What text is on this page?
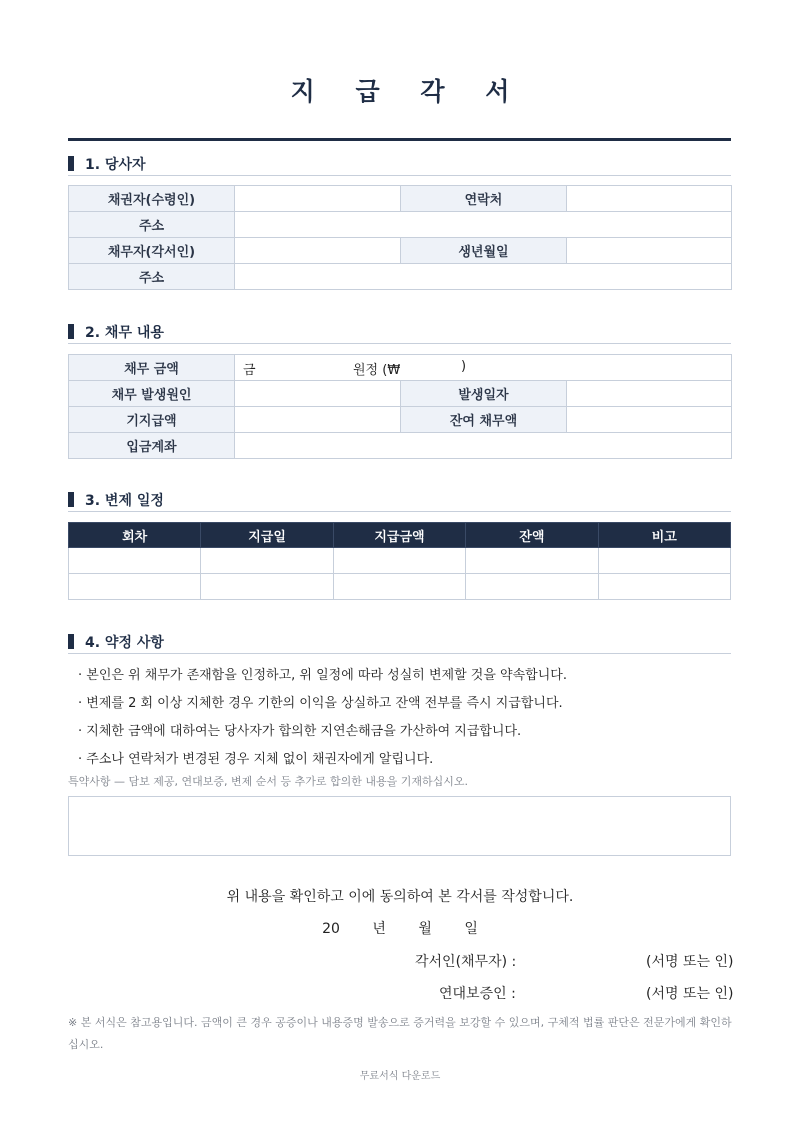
지 급 각 서
1. 당사자
채권자(수령인)		연락처	
주소			
채무자(각서인)		생년월일	
주소			
2. 채무 내용
채무 금액	금 원정 (₩ )		

채무 발생원인		발생일자	
기지급액		잔여 채무액	
입금계좌			
3. 변제 일정
회차	지급일	지급금액	잔액	비고

4. 약정 사항
· 본인은 위 채무가 존재함을 인정하고, 위 일정에 따라 성실히 변제할 것을 약속합니다.
· 변제를 2 회 이상 지체한 경우 기한의 이익을 상실하고 잔액 전부를 즉시 지급합니다.
· 지체한 금액에 대하여는 당사자가 합의한 지연손해금을 가산하여 지급합니다.
· 주소나 연락처가 변경된 경우 지체 없이 채권자에게 알립니다.
특약사항 — 담보 제공, 연대보증, 변제 순서 등 추가로 합의한 내용을 기재하십시오.
위 내용을 확인하고 이에 동의하여 본 각서를 작성합니다.
20 년 월 일
각서인(채무자) :	(서명 또는 인)
연대보증인 :	(서명 또는 인)
※ 본 서식은 참고용입니다. 금액이 큰 경우 공증이나 내용증명 발송으로 증거력을 보강할 수 있으며, 구체적 법률 판단은 전문가에게 확인하십시오.
무료서식 다운로드
